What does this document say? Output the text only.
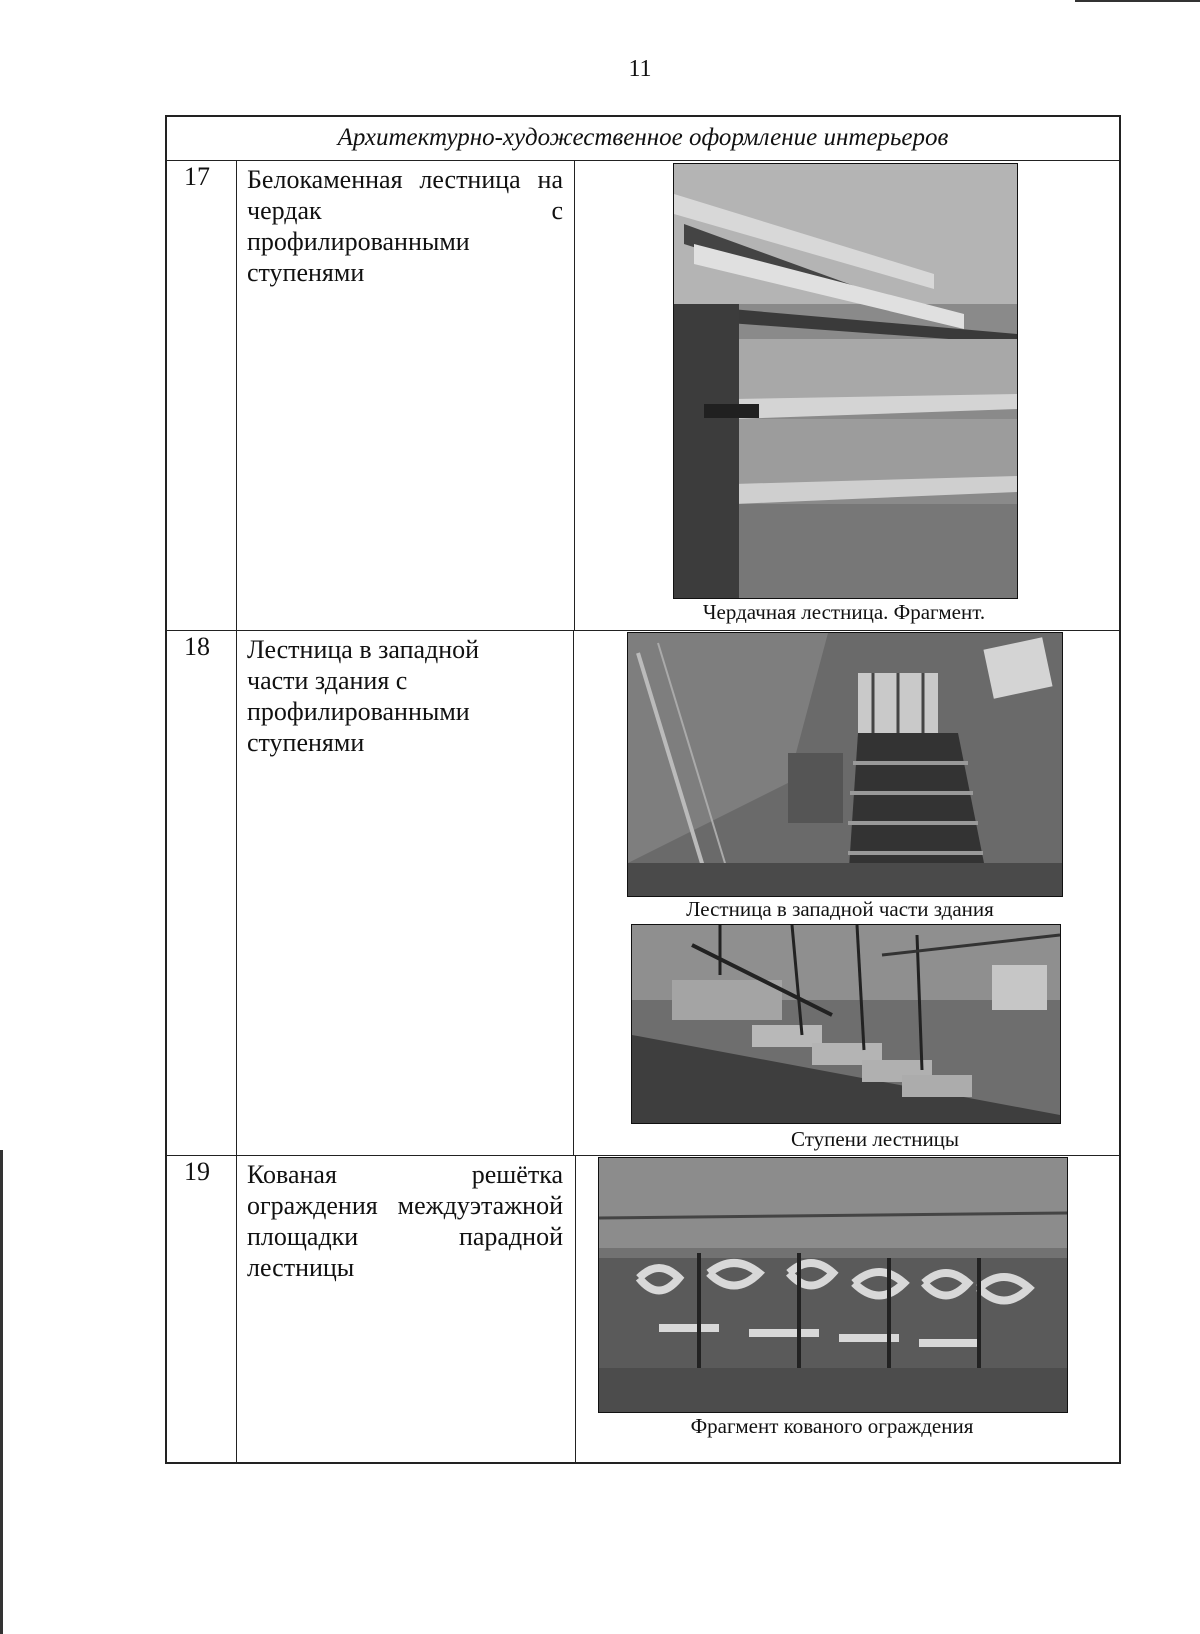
11
Архитектурно-художественное оформление интерьеров
17 Белокаменная лестница на чердак с профилированными ступенями
Чердачная лестница. Фрагмент.
18 Лестница в западной части здания с профилированными ступенями
Лестница в западной части здания
Ступени лестницы
19 Кованая решётка ограждения междуэтажной площадки парадной лестницы
Фрагмент кованого ограждения
